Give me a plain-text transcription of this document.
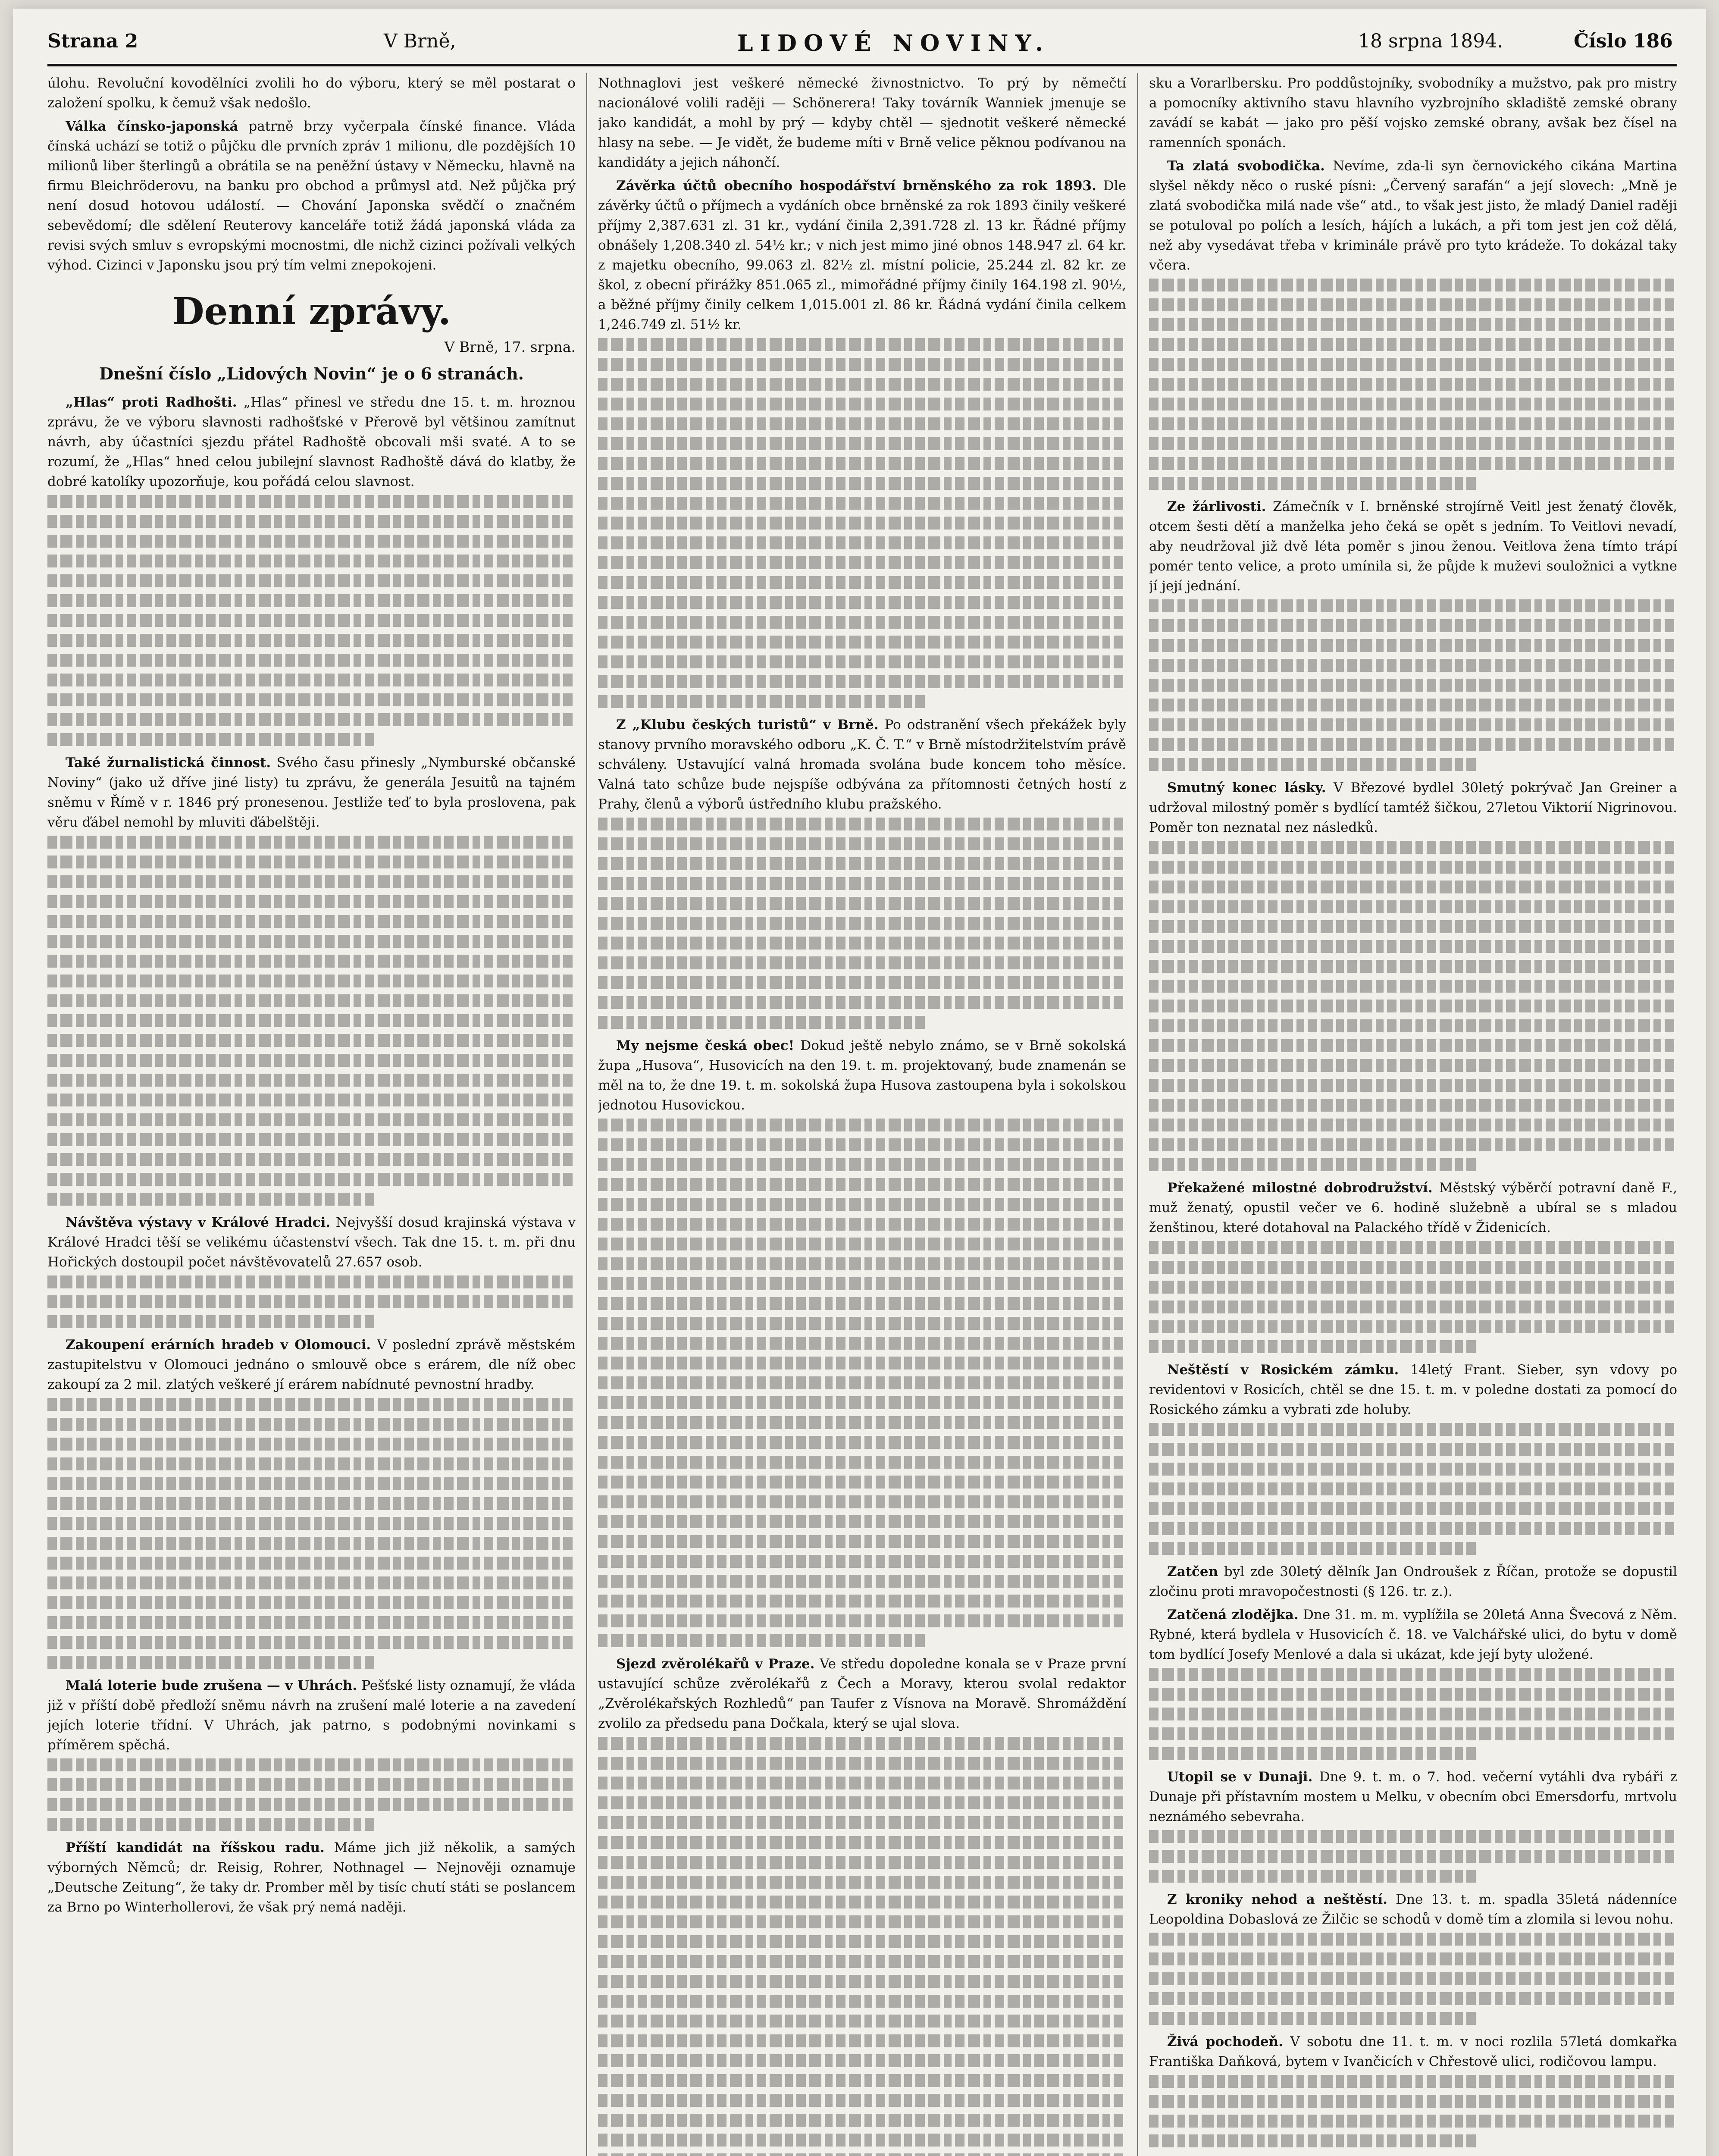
Strana 2	V Brně,	LIDOVÉ NOVINY.	18 srpna 1894.	Číslo 186

úlohu. Revoluční kovodělníci zvolili ho do výboru, který se měl postarat o založení spolku, k čemuž však nedošlo.

Válka čínsko-japonská patrně brzy vyčerpala čínské finance. Vláda čínská uchází se totiž o půjčku dle prvních zpráv 1 milionu, dle pozdějších 10 milionů liber šterlingů a obrátila se na peněžní ústavy v Německu, hlavně na firmu Bleichröderovu, na banku pro obchod a průmysl atd. Než půjčka prý není dosud hotovou událostí. — Chování Japonska svědčí o značném sebevědomí; dle sdělení Reuterovy kanceláře totiž žádá japonská vláda za revisi svých smluv s evropskými mocnostmi, dle nichž cizinci požívali velkých výhod. Cizinci v Japonsku jsou prý tím velmi znepokojeni.

Denní zprávy.
V Brně, 17. srpna.
Dnešní číslo „Lidových Novin“ je o 6 stranách.

„Hlas“ proti Radhošti. „Hlas“ přinesl ve středu dne 15. t. m. hroznou zprávu, že ve výboru slavnosti radhošťské v Přerově byl většinou zamítnut návrh, aby účastníci sjezdu přátel Radhoště obcovali mši svaté. A to se rozumí, že „Hlas“ hned celou jubilejní slavnost Radhoště dává do klatby, že dobré katolíky upozorňuje, kou pořádá celou slavnost.

Také žurnalistická činnost. Svého času přinesly „Nymburské občanské Noviny“ (jako už dříve jiné listy) tu zprávu, že generála Jesuitů na tajném sněmu v Římě v r. 1846 prý pronesenou. Jestliže teď to byla proslovena, pak věru ďábel nemohl by mluviti ďábelštěji.

Návštěva výstavy v Králové Hradci. Nejvyšší dosud krajinská výstava v Králové Hradci těší se velikému účastenství všech. Tak dne 15. t. m. při dnu Hořických dostoupil počet návštěvovatelů 27.657 osob.

Zakoupení erárních hradeb v Olomouci. V poslední zprávě městském zastupitelstvu v Olomouci jednáno o smlouvě obce s erárem, dle níž obec zakoupí za 2 mil. zlatých veškeré jí erárem nabídnuté pevnostní hradby.

Malá loterie bude zrušena — v Uhrách. Pešťské listy oznamují, že vláda již v příští době předloží sněmu návrh na zrušení malé loterie a na zavedení jejích loterie třídní. V Uhrách, jak patrno, s podobnými novinkami s příměrem spěchá.

Příští kandidát na říšskou radu. Máme jich již několik, a samých výborných Němců; dr. Reisig, Rohrer, Nothnagel — Nejnověji oznamuje „Deutsche Zeitung“, že taky dr. Promber měl by tisíc chutí státi se poslancem za Brno po Winterhollerovi, že však prý nemá naději.

Nothnaglovi jest veškeré německé živnostnictvo. To prý by němečtí nacionálové volili raději — Schönerera! Taky továrník Wanniek jmenuje se jako kandidát, a mohl by prý — kdyby chtěl — sjednotit veškeré německé hlasy na sebe. — Je vidět, že budeme míti v Brně velice pěknou podívanou na kandidáty a jejich náhončí.

Závěrka účtů obecního hospodářství brněnského za rok 1893. Dle závěrky účtů o příjmech a vydáních obce brněnské za rok 1893 činily veškeré příjmy 2,387.631 zl. 31 kr., vydání činila 2,391.728 zl. 13 kr. Řádné příjmy obnášely 1,208.340 zl. 54½ kr.; v nich jest mimo jiné obnos 148.947 zl. 64 kr. z majetku obecního, 99.063 zl. 82½ zl. místní policie, 25.244 zl. 82 kr. ze škol, z obecní přirážky 851.065 zl., mimořádné příjmy činily 164.198 zl. 90½, a běžné příjmy činily celkem 1,015.001 zl. 86 kr. Řádná vydání činila celkem 1,246.749 zl. 51½ kr.

Z „Klubu českých turistů“ v Brně. Po odstranění všech překážek byly stanovy prvního moravského odboru „K. Č. T.“ v Brně místodržitelstvím právě schváleny. Ustavující valná hromada svolána bude koncem toho měsíce. Valná tato schůze bude nejspíše odbývána za přítomnosti četných hostí z Prahy, členů a výborů ústředního klubu pražského.

My nejsme česká obec! Dokud ještě nebylo známo, se v Brně sokolská župa „Husova“, Husovicích na den 19. t. m. projektovaný, bude znamenán se měl na to, že dne 19. t. m. sokolská župa Husova zastoupena byla i sokolskou jednotou Husovickou.

Sjezd zvěrolékařů v Praze. Ve středu dopoledne konala se v Praze první ustavující schůze zvěrolékařů z Čech a Moravy, kterou svolal redaktor „Zvěrolékařských Rozhledů“ pan Taufer z Vísnova na Moravě. Shromáždění zvolilo za předsedu pana Dočkala, který se ujal slova.

sku a Vorarlbersku. Pro poddůstojníky, svobodníky a mužstvo, pak pro mistry a pomocníky aktivního stavu hlavního vyzbrojního skladiště zemské obrany zavádí se kabát — jako pro pěší vojsko zemské obrany, avšak bez čísel na ramenních sponách.

Ta zlatá svobodička. Nevíme, zda-li syn černovického cikána Martina slyšel někdy něco o ruské písni: „Červený sarafán“ a její slovech: „Mně je zlatá svobodička milá nade vše“ atd., to však jest jisto, že mladý Daniel raději se potuloval po polích a lesích, hájích a lukách, a při tom jest jen což dělá, než aby vysedávat třeba v kriminále právě pro tyto krádeže. To dokázal taky včera.

Ze žárlivosti. Zámečník v I. brněnské strojírně Veitl jest ženatý člověk, otcem šesti dětí a manželka jeho čeká se opět s jedním. To Veitlovi nevadí, aby neudržoval již dvě léta poměr s jinou ženou. Veitlova žena tímto trápí pomér tento velice, a proto umínila si, že půjde k muževi souložnici a vytkne jí její jednání.

Smutný konec lásky. V Březové bydlel 30letý pokrývač Jan Greiner a udržoval milostný poměr s bydlící tamtéž šičkou, 27letou Viktorií Nigrinovou. Poměr ton neznatal nez následků.

Překažené milostné dobrodružství. Městský výběrčí potravní daně F., muž ženatý, opustil večer ve 6. hodině služebně a ubíral se s mladou ženštinou, které dotahoval na Palackého třídě v Židenicích.

Neštěstí v Rosickém zámku. 14letý Frant. Sieber, syn vdovy po revidentovi v Rosicích, chtěl se dne 15. t. m. v poledne dostati za pomocí do Rosického zámku a vybrati zde holuby.

Zatčen byl zde 30letý dělník Jan Ondroušek z Říčan, protože se dopustil zločinu proti mravopočestnosti (§ 126. tr. z.).

Zatčená zlodějka. Dne 31. m. m. vyplížila se 20letá Anna Švecová z Něm. Rybné, která bydlela v Husovicích č. 18. ve Valchářské ulici, do bytu v domě tom bydlící Josefy Menlové a dala si ukázat, kde její byty uložené.

Utopil se v Dunaji. Dne 9. t. m. o 7. hod. večerní vytáhli dva rybáři z Dunaje při přístavním mostem u Melku, v obecním obci Emersdorfu, mrtvolu neznámého sebevraha.

Z kroniky nehod a neštěstí. Dne 13. t. m. spadla 35letá nádenníce Leopoldina Dobaslová ze Žilčic se schodů v domě tím a zlomila si levou nohu.

Živá pochodeň. V sobotu dne 11. t. m. v noci rozlila 57letá domkařka Františka Daňková, bytem v Ivančicích v Chřestově ulici, rodičovou lampu.
